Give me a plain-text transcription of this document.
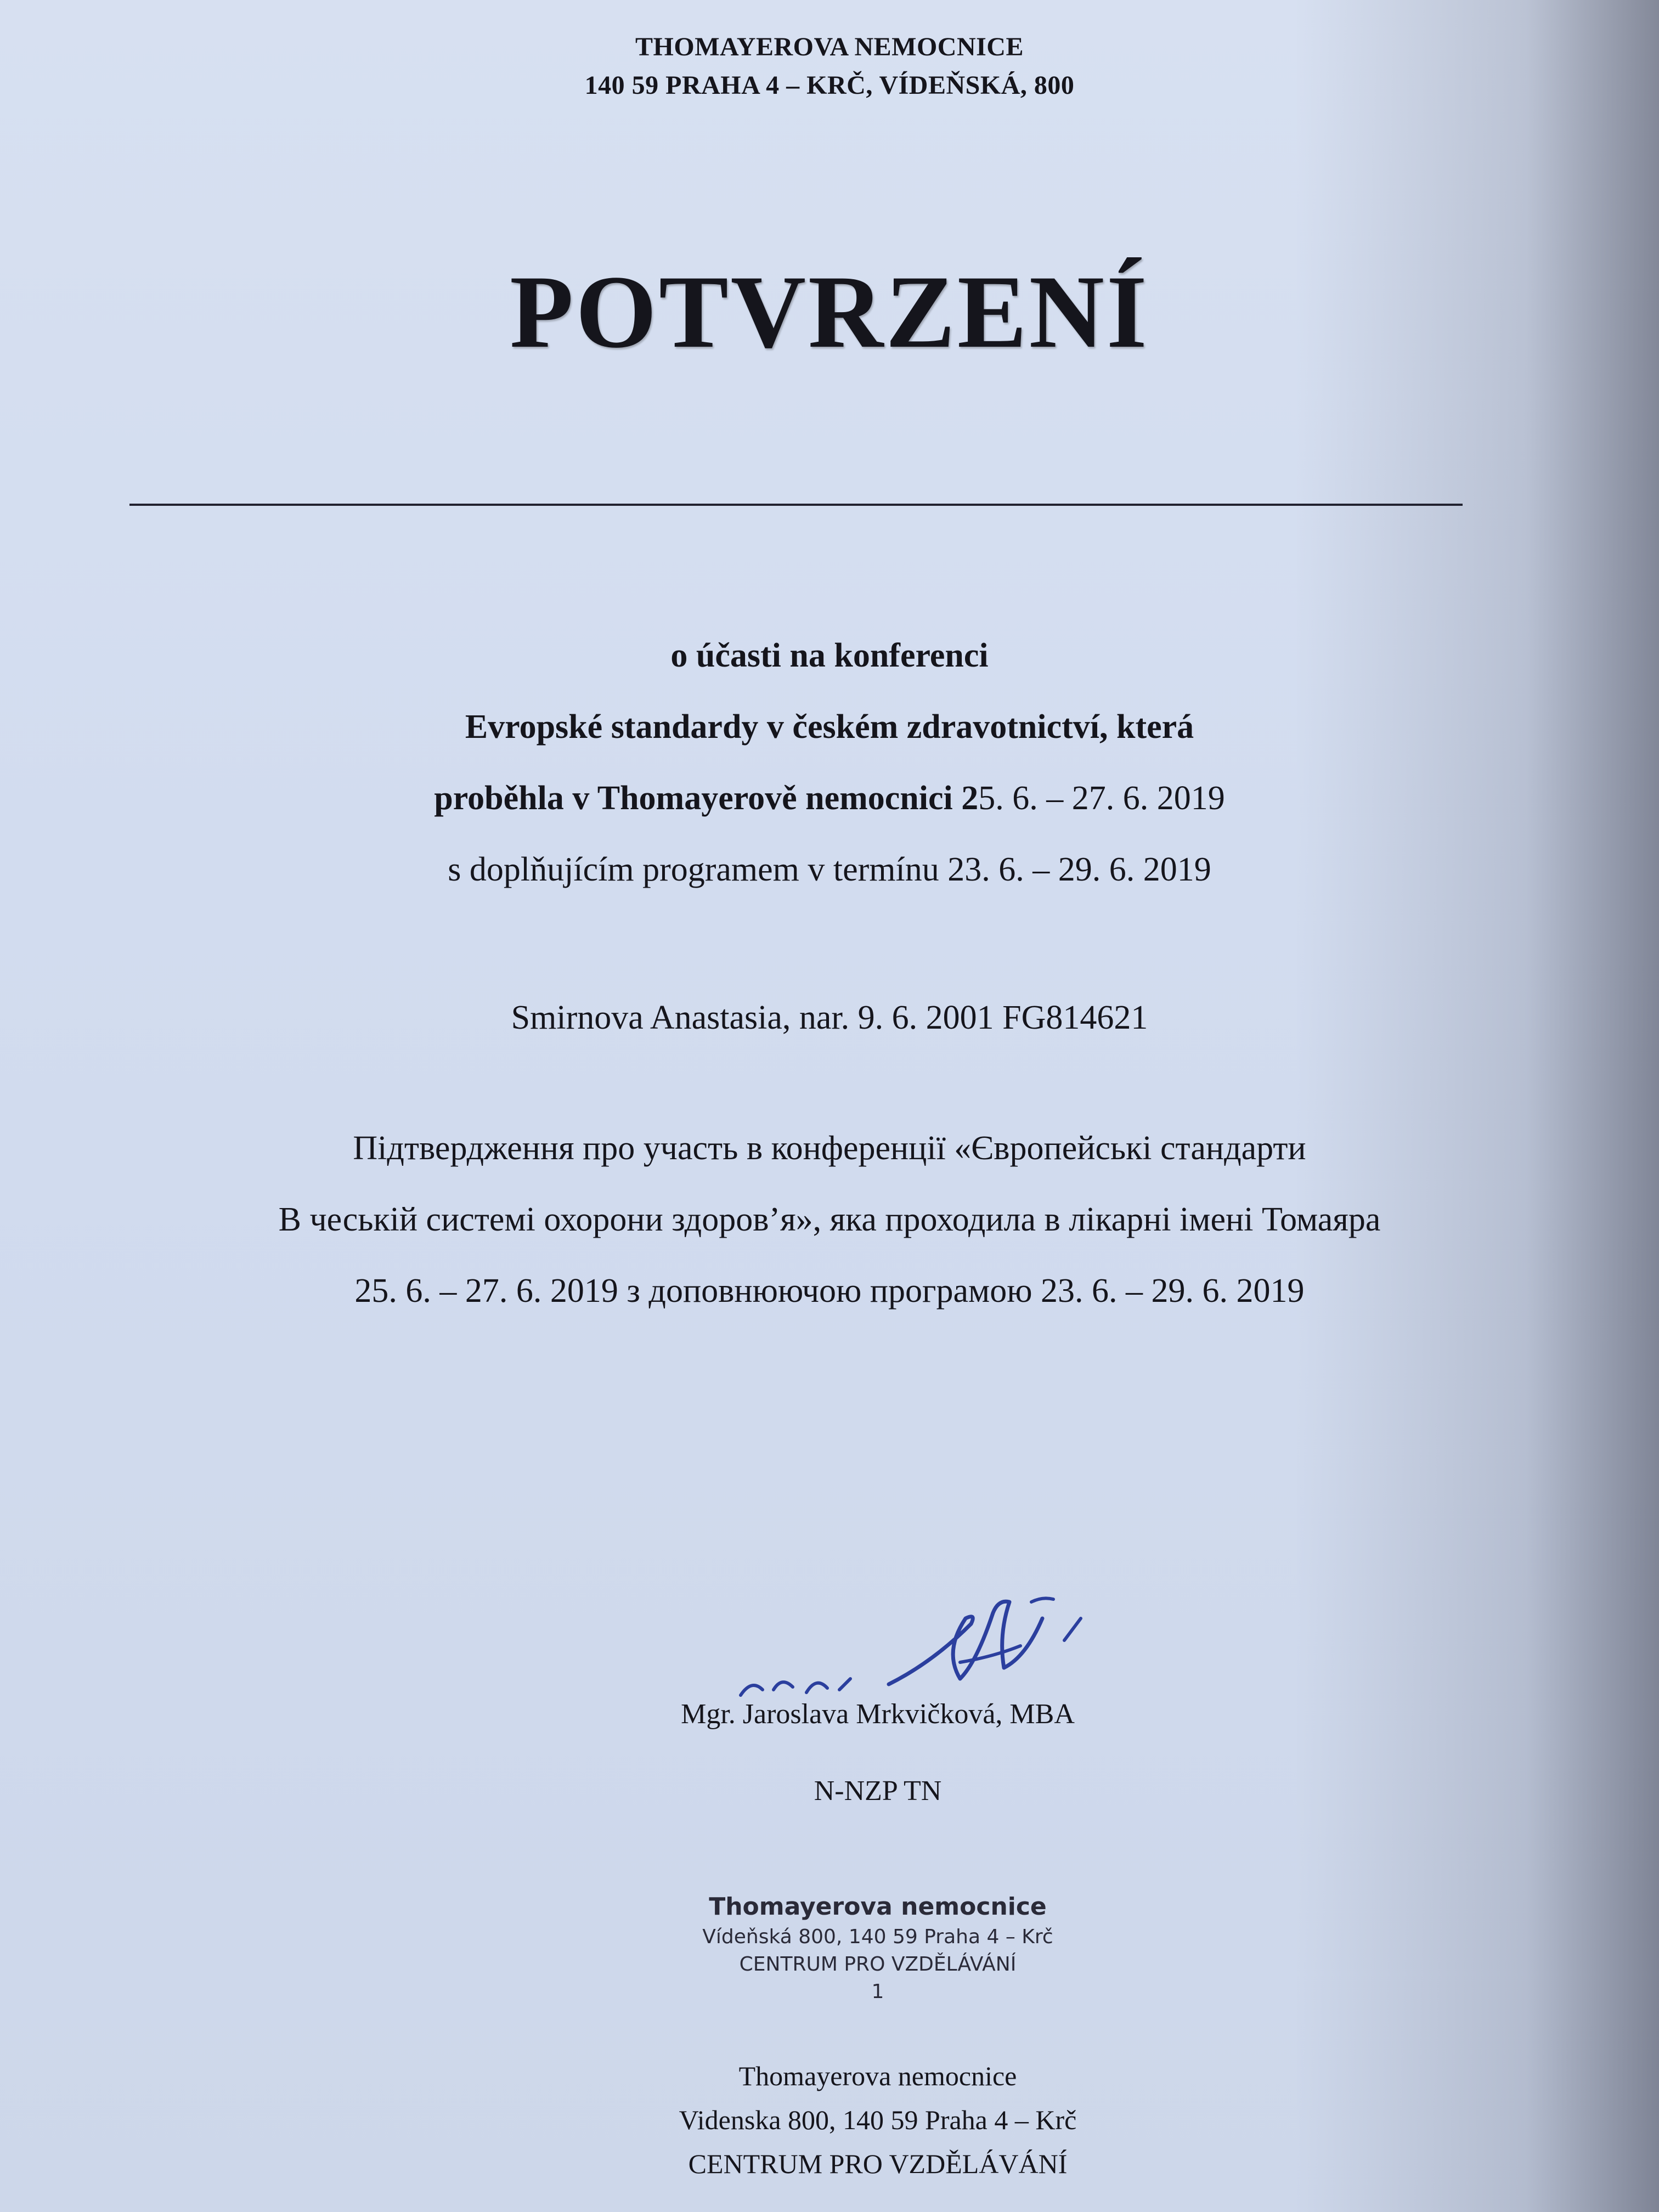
THOMAYEROVA NEMOCNICE
140 59 PRAHA 4 – KRČ, VÍDEŇSKÁ, 800
POTVRZENÍ
o účasti na konferenci
Evropské standardy v českém zdravotnictví, která
proběhla v Thomayerově nemocnici 25. 6. – 27. 6. 2019
s doplňujícím programem v termínu 23. 6. – 29. 6. 2019
Smirnova Anastasia, nar. 9. 6. 2001 FG814621
Підтвердження про участь в конференції «Європейські стандарти
В чеській системі охорони здоров’я», яка проходила в лікарні імені Томаяра
25. 6. – 27. 6. 2019 з доповнюючою програмою 23. 6. – 29. 6. 2019
Mgr. Jaroslava Mrkvičková, MBA
N-NZP TN
Thomayerova nemocnice
Vídeňská 800, 140 59 Praha 4 – Krč
CENTRUM PRO VZDĚLÁVÁNÍ
1
Thomayerova nemocnice
Videnska 800, 140 59 Praha 4 – Krč
CENTRUM PRO VZDĚLÁVÁNÍ
